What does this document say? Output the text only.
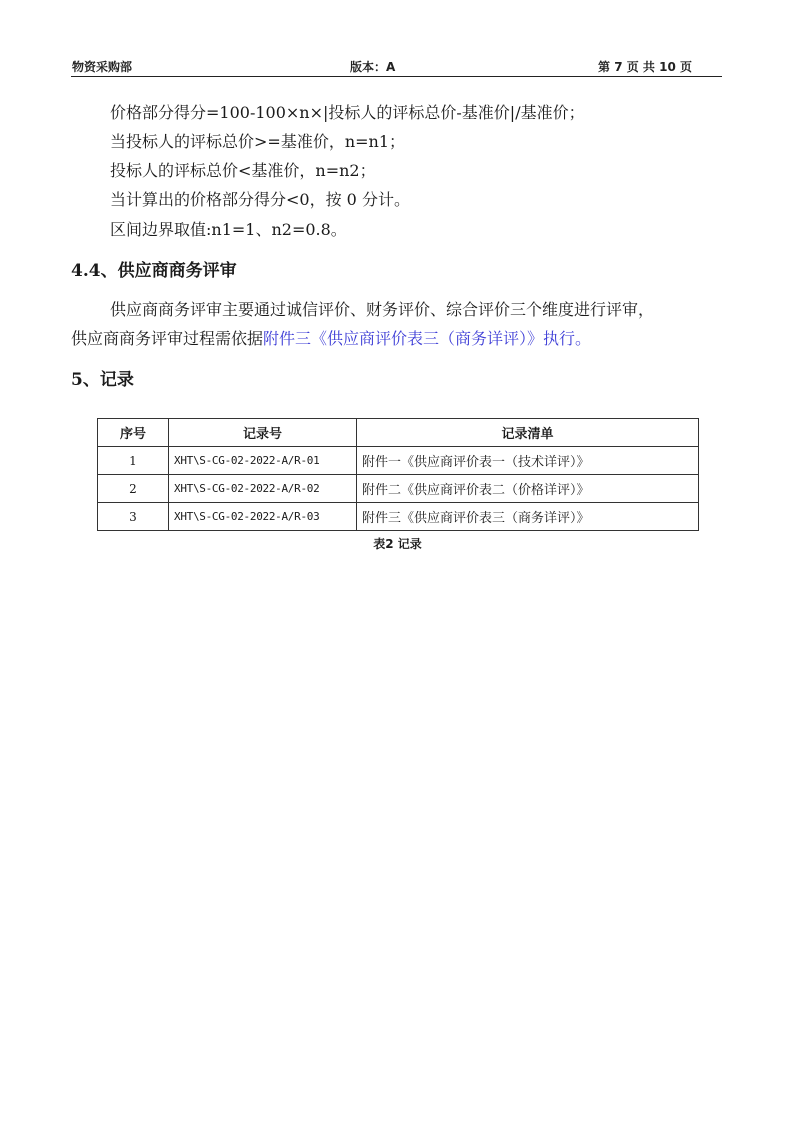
物资采购部	版本：A	第 7 页 共 10 页
价格部分得分=100-100×n×|投标人的评标总价-基准价|/基准价；
当投标人的评标总价>=基准价，n=n1；
投标人的评标总价<基准价，n=n2；
当计算出的价格部分得分<0，按 0 分计。
区间边界取值:n1=1、n2=0.8。
4.4、供应商商务评审
供应商商务评审主要通过诚信评价、财务评价、综合评价三个维度进行评审，
供应商商务评审过程需依据附件三《供应商评价表三（商务详评）》执行。
5、记录
序号	记录号	记录清单
1	XHT\S-CG-02-2022-A/R-01	附件一《供应商评价表一（技术详评）》
2	XHT\S-CG-02-2022-A/R-02	附件二《供应商评价表二（价格详评）》
3	XHT\S-CG-02-2022-A/R-03	附件三《供应商评价表三（商务详评）》
表2 记录
